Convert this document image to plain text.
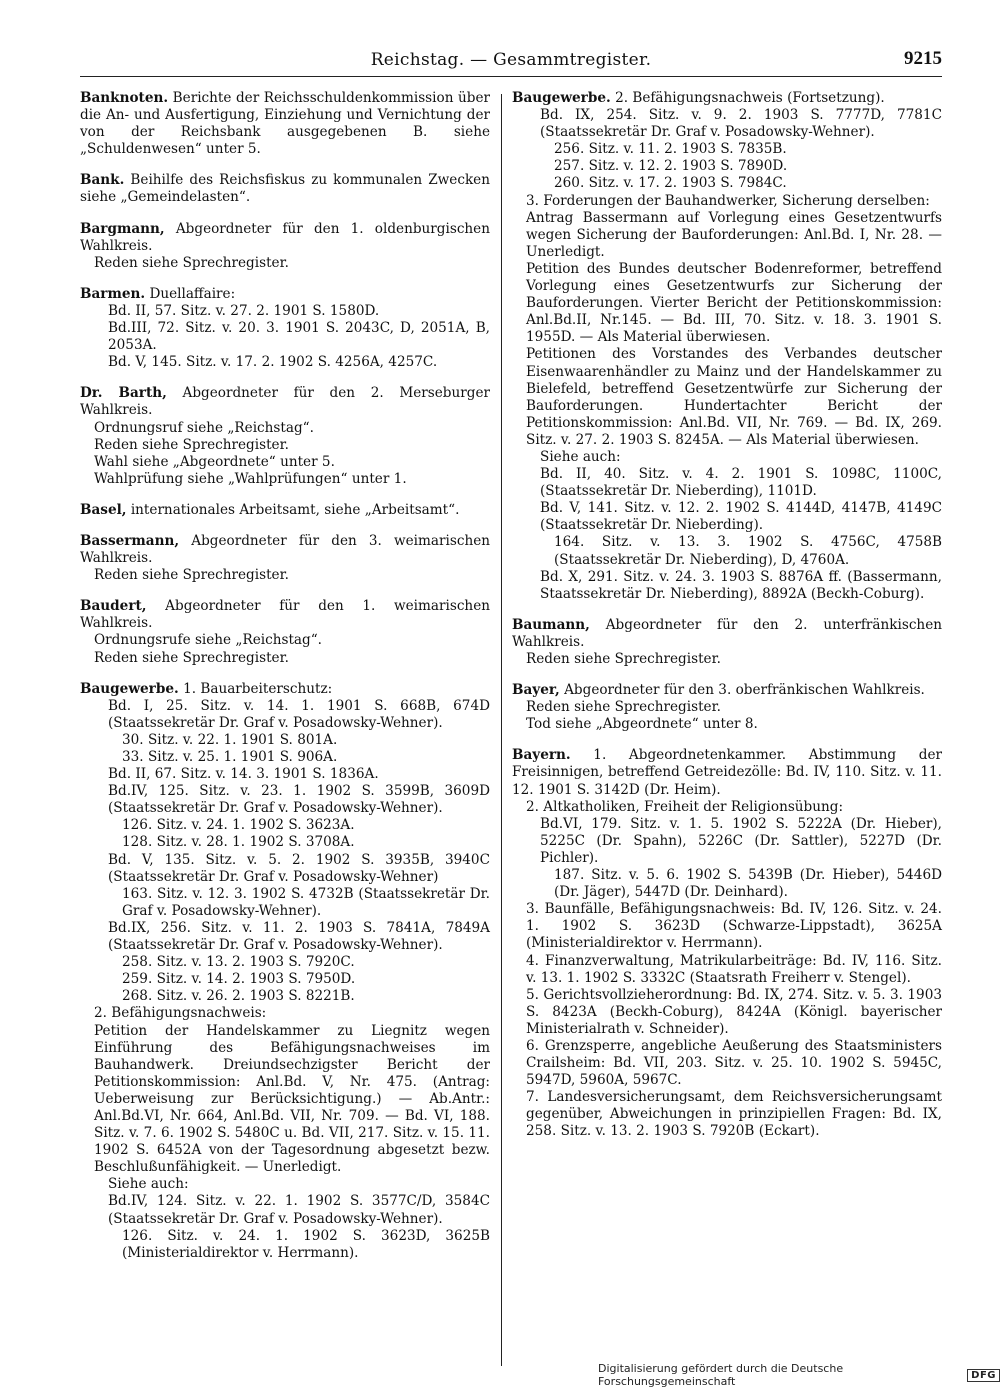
Reichstag. — Gesammtregister.	9215

Banknoten. Berichte der Reichsschuldenkommission über die An- und Ausfertigung, Einziehung und Vernichtung der von der Reichsbank ausgegebenen B. siehe „Schuldenwesen“ unter 5.

Bank. Beihilfe des Reichsfiskus zu kommunalen Zwecken siehe „Gemeindelasten“.

Bargmann, Abgeordneter für den 1. oldenburgischen Wahlkreis.

Reden siehe Sprechregister.

Barmen. Duellaffaire:

Bd. II, 57. Sitz. v. 27. 2. 1901 S. 1580D.

Bd.III, 72. Sitz. v. 20. 3. 1901 S. 2043C, D, 2051A, B, 2053A.

Bd. V, 145. Sitz. v. 17. 2. 1902 S. 4256A, 4257C.

Dr. Barth, Abgeordneter für den 2. Merseburger Wahlkreis.

Ordnungsruf siehe „Reichstag“.

Reden siehe Sprechregister.

Wahl siehe „Abgeordnete“ unter 5.

Wahlprüfung siehe „Wahlprüfungen“ unter 1.

Basel, internationales Arbeitsamt, siehe „Arbeitsamt“.

Bassermann, Abgeordneter für den 3. weimarischen Wahlkreis.

Reden siehe Sprechregister.

Baudert, Abgeordneter für den 1. weimarischen Wahlkreis.

Ordnungsrufe siehe „Reichstag“.

Reden siehe Sprechregister.

Baugewerbe. 1. Bauarbeiterschutz:

Bd. I, 25. Sitz. v. 14. 1. 1901 S. 668B, 674D (Staatssekretär Dr. Graf v. Posadowsky-Wehner).

30. Sitz. v. 22. 1. 1901 S. 801A.

33. Sitz. v. 25. 1. 1901 S. 906A.

Bd. II, 67. Sitz. v. 14. 3. 1901 S. 1836A.

Bd.IV, 125. Sitz. v. 23. 1. 1902 S. 3599B, 3609D (Staatssekretär Dr. Graf v. Posadowsky-Wehner).

126. Sitz. v. 24. 1. 1902 S. 3623A.

128. Sitz. v. 28. 1. 1902 S. 3708A.

Bd. V, 135. Sitz. v. 5. 2. 1902 S. 3935B, 3940C (Staatssekretär Dr. Graf v. Posadowsky-Wehner)

163. Sitz. v. 12. 3. 1902 S. 4732B (Staatssekretär Dr. Graf v. Posadowsky-Wehner).

Bd.IX, 256. Sitz. v. 11. 2. 1903 S. 7841A, 7849A (Staatssekretär Dr. Graf v. Posadowsky-Wehner).

258. Sitz. v. 13. 2. 1903 S. 7920C.

259. Sitz. v. 14. 2. 1903 S. 7950D.

268. Sitz. v. 26. 2. 1903 S. 8221B.

2. Befähigungsnachweis:

Petition der Handelskammer zu Liegnitz wegen Einführung des Befähigungsnachweises im Bauhandwerk. Dreiundsechzigster Bericht der Petitionskommission: Anl.Bd. V, Nr. 475. (Antrag: Ueberweisung zur Berücksichtigung.) — Ab.Antr.: Anl.Bd.VI, Nr. 664, Anl.Bd. VII, Nr. 709. — Bd. VI, 188. Sitz. v. 7. 6. 1902 S. 5480C u. Bd. VII, 217. Sitz. v. 15. 11. 1902 S. 6452A von der Tagesordnung abgesetzt bezw. Beschlußunfähigkeit. — Unerledigt.

Siehe auch:

Bd.IV, 124. Sitz. v. 22. 1. 1902 S. 3577C/D, 3584C (Staatssekretär Dr. Graf v. Posadowsky-Wehner).

126. Sitz. v. 24. 1. 1902 S. 3623D, 3625B (Ministerialdirektor v. Herrmann).

Baugewerbe. 2. Befähigungsnachweis (Fortsetzung).

Bd. IX, 254. Sitz. v. 9. 2. 1903 S. 7777D, 7781C (Staatssekretär Dr. Graf v. Posadowsky-Wehner).

256. Sitz. v. 11. 2. 1903 S. 7835B.

257. Sitz. v. 12. 2. 1903 S. 7890D.

260. Sitz. v. 17. 2. 1903 S. 7984C.

3. Forderungen der Bauhandwerker, Sicherung derselben:

Antrag Bassermann auf Vorlegung eines Gesetzentwurfs wegen Sicherung der Bauforderungen: Anl.Bd. I, Nr. 28. — Unerledigt.

Petition des Bundes deutscher Bodenreformer, betreffend Vorlegung eines Gesetzentwurfs zur Sicherung der Bauforderungen. Vierter Bericht der Petitionskommission: Anl.Bd.II, Nr.145. — Bd. III, 70. Sitz. v. 18. 3. 1901 S. 1955D. — Als Material überwiesen.

Petitionen des Vorstandes des Verbandes deutscher Eisenwaarenhändler zu Mainz und der Handelskammer zu Bielefeld, betreffend Gesetzentwürfe zur Sicherung der Bauforderungen. Hundertachter Bericht der Petitionskommission: Anl.Bd. VII, Nr. 769. — Bd. IX, 269. Sitz. v. 27. 2. 1903 S. 8245A. — Als Material überwiesen.

Siehe auch:

Bd. II, 40. Sitz. v. 4. 2. 1901 S. 1098C, 1100C, (Staatssekretär Dr. Nieberding), 1101D.

Bd. V, 141. Sitz. v. 12. 2. 1902 S. 4144D, 4147B, 4149C (Staatssekretär Dr. Nieberding).

164. Sitz. v. 13. 3. 1902 S. 4756C, 4758B (Staatssekretär Dr. Nieberding), D, 4760A.

Bd. X, 291. Sitz. v. 24. 3. 1903 S. 8876A ff. (Bassermann, Staatssekretär Dr. Nieberding), 8892A (Beckh-Coburg).

Baumann, Abgeordneter für den 2. unterfränkischen Wahlkreis.

Reden siehe Sprechregister.

Bayer, Abgeordneter für den 3. oberfränkischen Wahlkreis.

Reden siehe Sprechregister.

Tod siehe „Abgeordnete“ unter 8.

Bayern. 1. Abgeordnetenkammer. Abstimmung der Freisinnigen, betreffend Getreidezölle: Bd. IV, 110. Sitz. v. 11. 12. 1901 S. 3142D (Dr. Heim).

2. Altkatholiken, Freiheit der Religionsübung:

Bd.VI, 179. Sitz. v. 1. 5. 1902 S. 5222A (Dr. Hieber), 5225C (Dr. Spahn), 5226C (Dr. Sattler), 5227D (Dr. Pichler).

187. Sitz. v. 5. 6. 1902 S. 5439B (Dr. Hieber), 5446D (Dr. Jäger), 5447D (Dr. Deinhard).

3. Baunfälle, Befähigungsnachweis: Bd. IV, 126. Sitz. v. 24. 1. 1902 S. 3623D (Schwarze-Lippstadt), 3625A (Ministerialdirektor v. Herrmann).

4. Finanzverwaltung, Matrikularbeiträge: Bd. IV, 116. Sitz. v. 13. 1. 1902 S. 3332C (Staatsrath Freiherr v. Stengel).

5. Gerichtsvollzieherordnung: Bd. IX, 274. Sitz. v. 5. 3. 1903 S. 8423A (Beckh-Coburg), 8424A (Königl. bayerischer Ministerialrath v. Schneider).

6. Grenzsperre, angebliche Aeußerung des Staatsministers Crailsheim: Bd. VII, 203. Sitz. v. 25. 10. 1902 S. 5945C, 5947D, 5960A, 5967C.

7. Landesversicherungsamt, dem Reichsversicherungsamt gegenüber, Abweichungen in prinzipiellen Fragen: Bd. IX, 258. Sitz. v. 13. 2. 1903 S. 7920B (Eckart).

Digitalisierung gefördert durch die Deutsche Forschungsgemeinschaft	DFG
